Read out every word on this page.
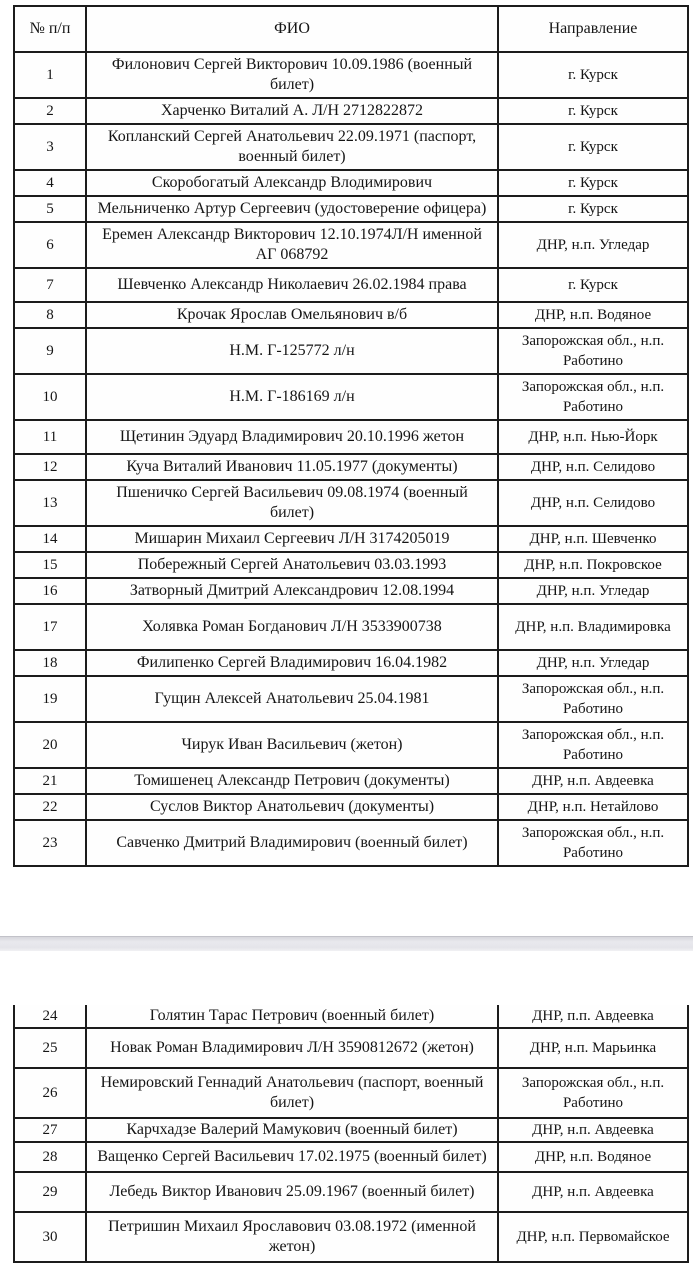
№ п/п	ФИО	Направление
1	Филонович Сергей Викторович 10.09.1986 (военный билет)	г. Курск
2	Харченко Виталий А. Л/Н 2712822872	г. Курск
3	Копланский Сергей Анатольевич 22.09.1971 (паспорт, военный билет)	г. Курск
4	Скоробогатый Александр Влодимирович	г. Курск
5	Мельниченко Артур Сергеевич (удостоверение офицера)	г. Курск
6	Еремен Александр Викторович 12.10.1974Л/Н именной АГ 068792	ДНР, н.п. Угледар
7	Шевченко Александр Николаевич 26.02.1984 права	г. Курск
8	Крочак Ярослав Омельянович в/б	ДНР, н.п. Водяное
9	Н.М. Г-125772 л/н	Запорожская обл., н.п. Работино
10	Н.М. Г-186169 л/н	Запорожская обл., н.п. Работино
11	Щетинин Эдуард Владимирович 20.10.1996 жетон	ДНР, н.п. Нью-Йорк
12	Куча Виталий Иванович 11.05.1977 (документы)	ДНР, н.п. Селидово
13	Пшеничко Сергей Васильевич 09.08.1974 (военный билет)	ДНР, н.п. Селидово
14	Мишарин Михаил Сергеевич Л/Н 3174205019	ДНР, н.п. Шевченко
15	Побережный Сергей Анатольевич 03.03.1993	ДНР, н.п. Покровское
16	Затворный Дмитрий Александрович 12.08.1994	ДНР, н.п. Угледар
17	Холявка Роман Богданович Л/Н 3533900738	ДНР, н.п. Владимировка
18	Филипенко Сергей Владимирович 16.04.1982	ДНР, н.п. Угледар
19	Гущин Алексей Анатольевич 25.04.1981	Запорожская обл., н.п. Работино
20	Чирук Иван Васильевич (жетон)	Запорожская обл., н.п. Работино
21	Томишенец Александр Петрович (документы)	ДНР, н.п. Авдеевка
22	Суслов Виктор Анатольевич (документы)	ДНР, н.п. Нетайлово
23	Савченко Дмитрий Владимирович (военный билет)	Запорожская обл., н.п. Работино
24	Голятин Тарас Петрович (военный билет)	ДНР, п.п. Авдеевка
25	Новак Роман Владимирович Л/Н 3590812672 (жетон)	ДНР, н.п. Марьинка
26	Немировский Геннадий Анатольевич (паспорт, военный билет)	Запорожская обл., н.п. Работино
27	Карчхадзе Валерий Мамукович (военный билет)	ДНР, н.п. Авдеевка
28	Ващенко Сергей Васильевич 17.02.1975 (военный билет)	ДНР, н.п. Водяное
29	Лебедь Виктор Иванович 25.09.1967 (военный билет)	ДНР, н.п. Авдеевка
30	Петришин Михаил Ярославович 03.08.1972 (именной жетон)	ДНР, н.п. Первомайское
